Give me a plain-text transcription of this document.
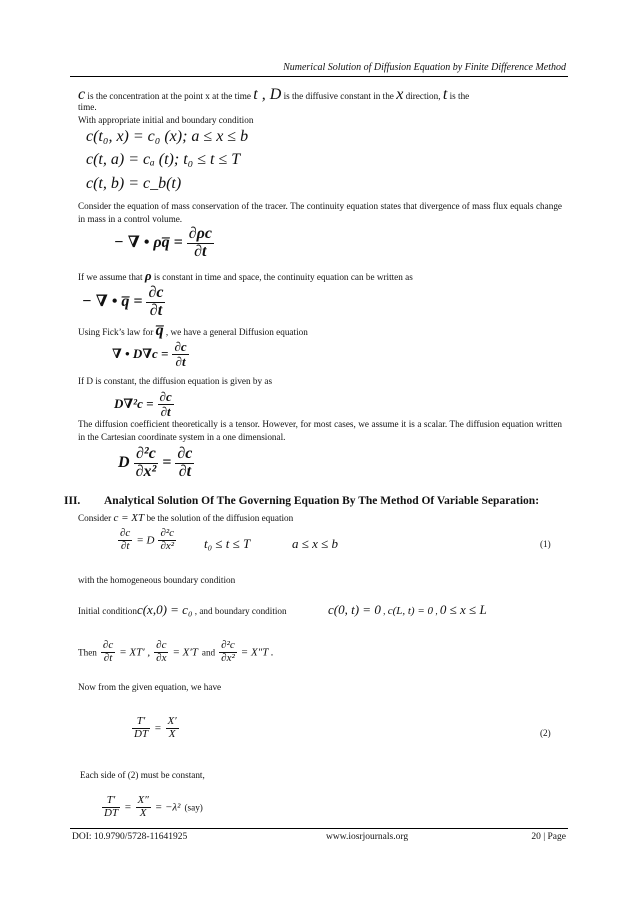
Numerical Solution of Diffusion Equation by Finite Difference Method
c is the concentration at the point x at the time t , D is the diffusive constant in the x direction, t is the
time.
With appropriate initial and boundary condition
c(t₀, x) = c₀ (x); a ≤ x ≤ b
c(t, a) = cₐ (t); t₀ ≤ t ≤ T
c(t, b) = c_b(t)
Consider the equation of mass conservation of the tracer. The continuity equation states that divergence of mass flux equals change in mass in a control volume.
− ∇ • ρq̅ = $\frac{\partial\rho c}{\partial t}$
If we assume that ρ is constant in time and space, the continuity equation can be written as
− ∇ • q̅ = $\frac{\partial c}{\partial t}$
Using Fick’s law for q̅ , we have a general Diffusion equation
∇ • $D\nabla c = \frac{\partial c}{\partial t}$
If D is constant, the diffusion equation is given by as
$D\nabla^2c = \frac{\partial c}{\partial t}$
The diffusion coefficient theoretically is a tensor. However, for most cases, we assume it is a scalar. The diffusion equation written in the Cartesian coordinate system in a one dimensional.
D $\frac{\text{∂²c}}{\text{∂x²}} = \frac{\partial c}{\partial t}$
III. Analytical Solution Of The Governing Equation By The Method Of Variable Separation:
Consider c = XT be the solution of the diffusion equation
$\frac{\partial c}{\partial t} = D \frac{\text{∂²c}}{\text{∂x²}} t_0 \le t \le T$	a ≤ x ≤ b	(1)
with the homogeneous boundary condition
Initial conditionc(x,0) = c₀ , and boundary condition	c(0, t) = 0 , c(L, t) = 0 , 0 ≤ x ≤ L
Then $\frac{\partial c}{\partial t} = XT'$ , $\frac{\partial c}{\partial x} = X'T$ and $\frac{\text{∂²c}}{\text{∂x²}} = X''T$ .
Now from the given equation, we have
$\frac{T'}{DT} = \frac{X'}{X}$	(2)
Each side of (2) must be constant,
$\frac{T'}{DT} = \frac{X''}{X} = -\lambda^2$ (say)
DOI: 10.9790/5728-11641925	www.iosrjournals.org	20 | Page
